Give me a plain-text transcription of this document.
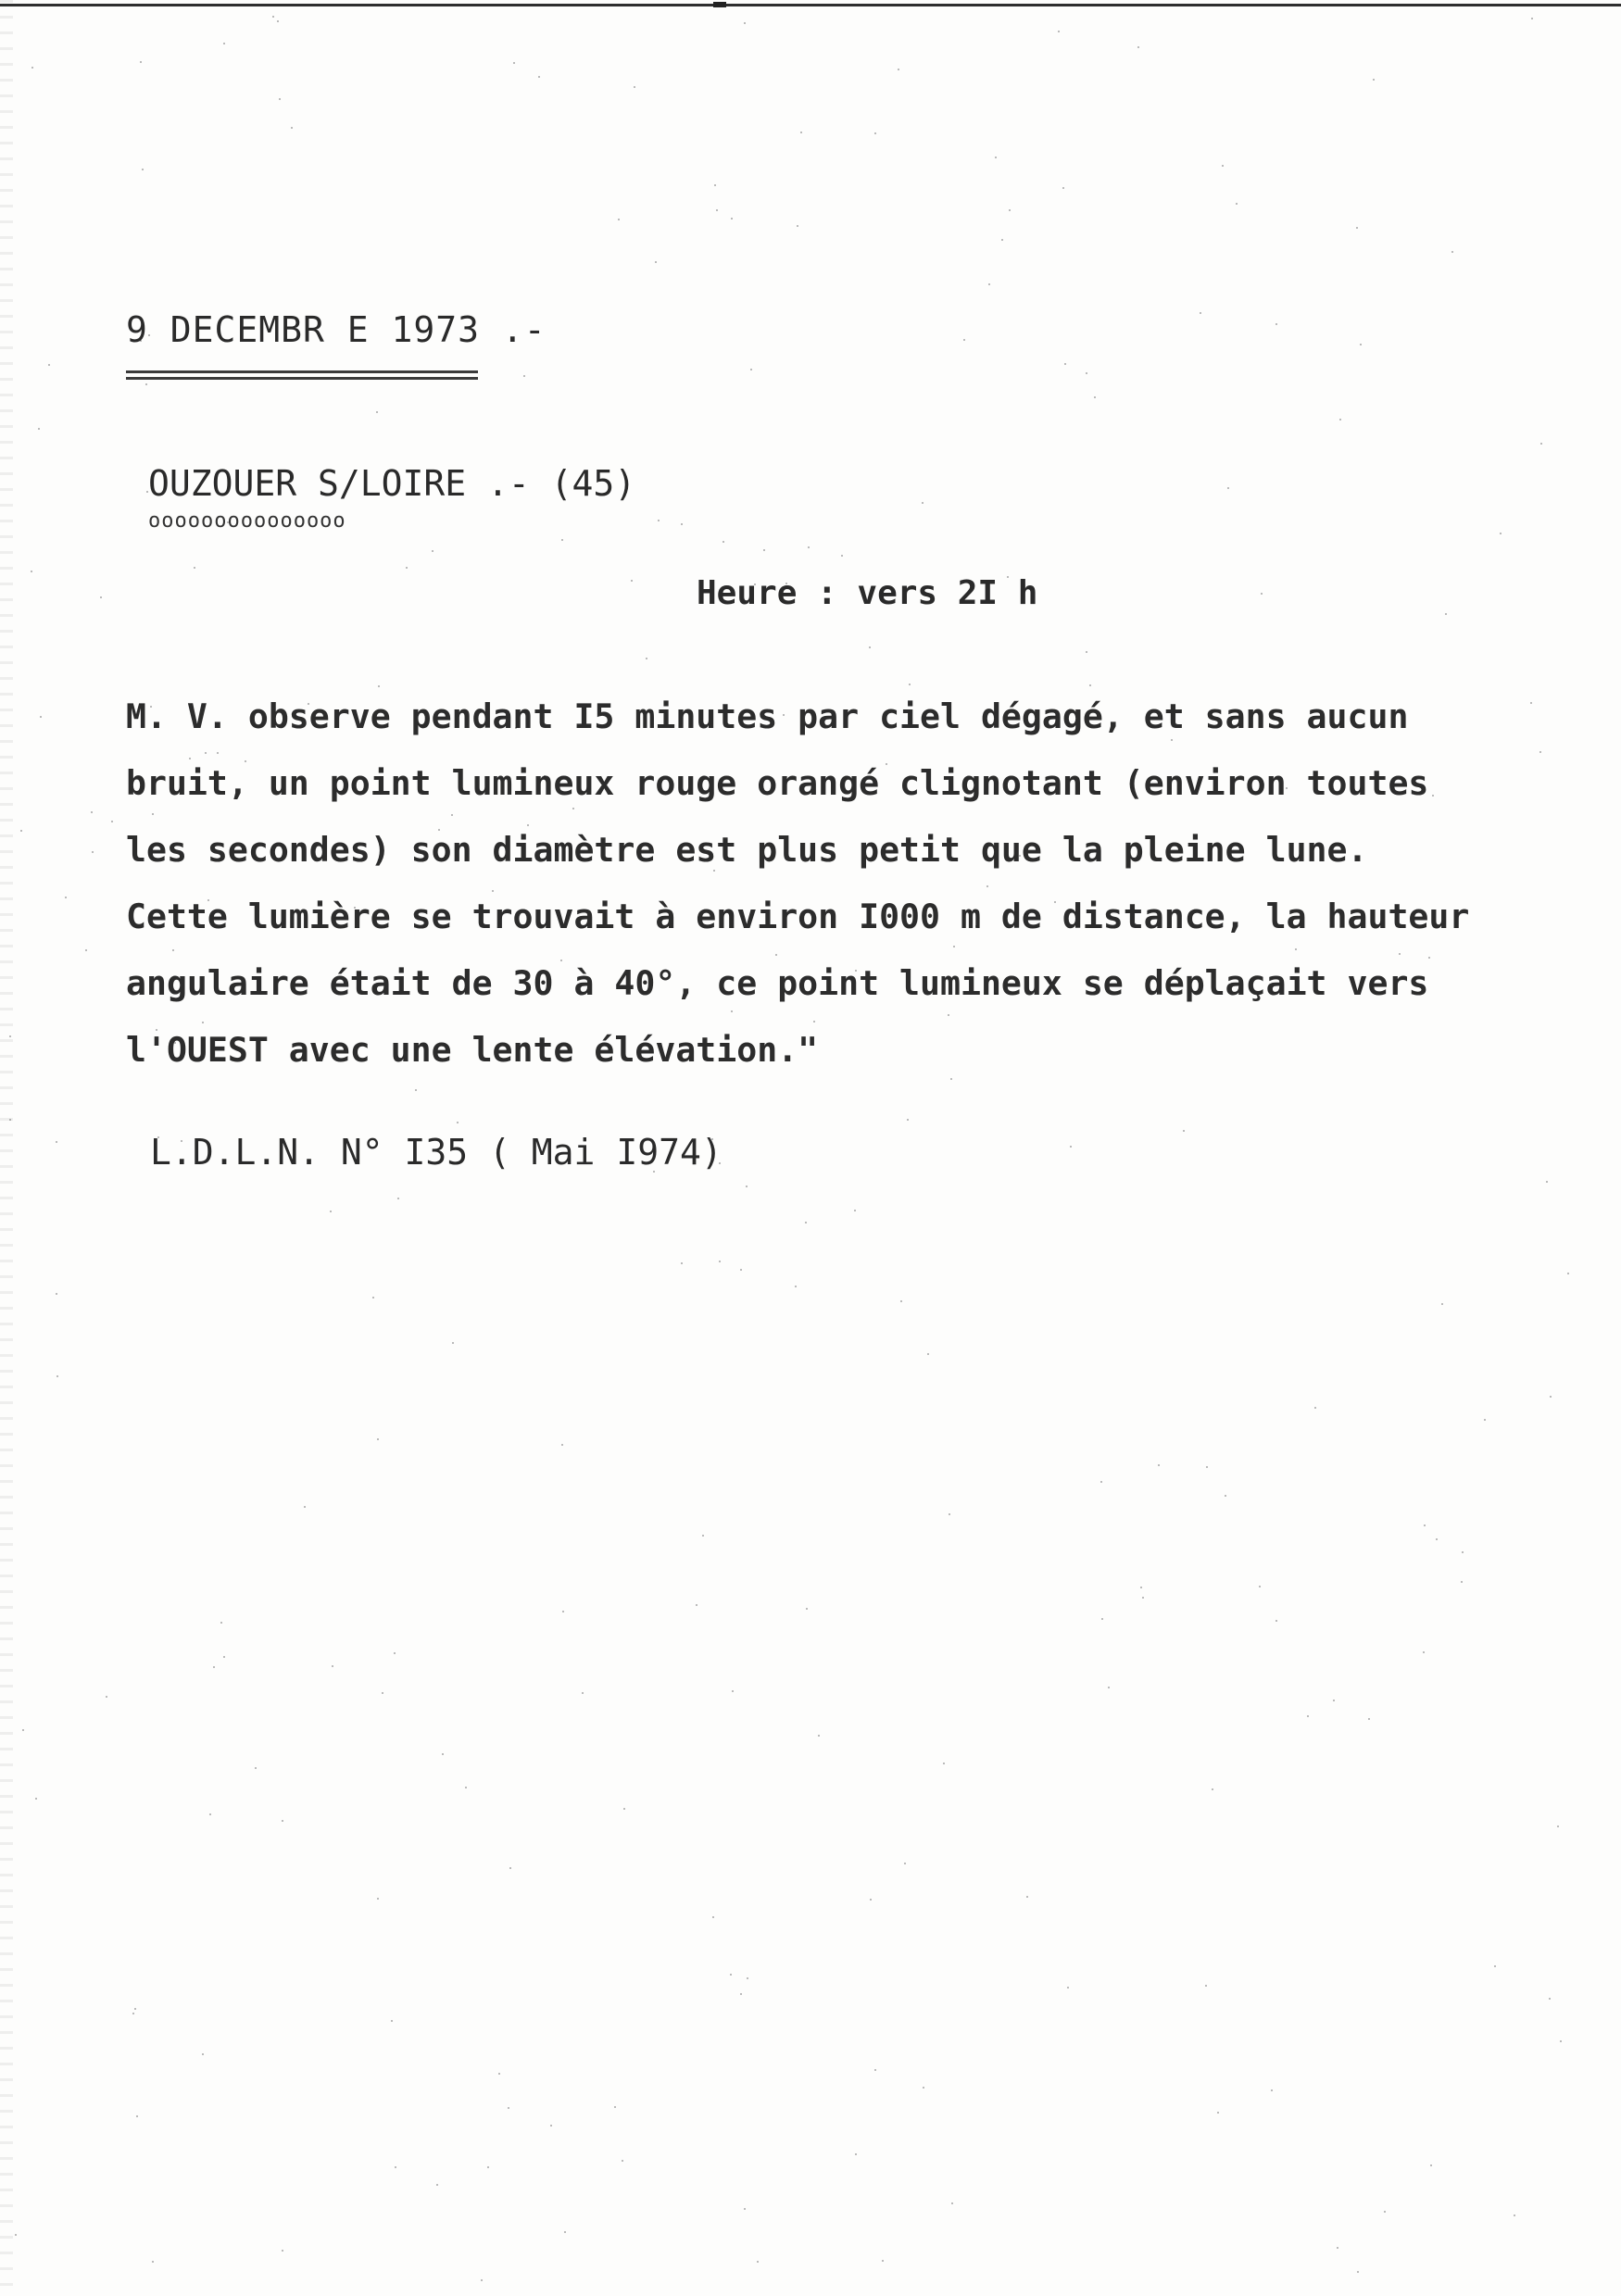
9 DECEMBR E 1973 .-
OUZOUER S/LOIRE .- (45)
ooooooooooooooo
Heure : vers 2I h
M. V. observe pendant I5 minutes par ciel dégagé, et sans aucun
bruit, un point lumineux rouge orangé clignotant (environ toutes
les secondes) son diamètre est plus petit que la pleine lune.
Cette lumière se trouvait à environ I000 m de distance, la hauteur
angulaire était de 30 à 40°, ce point lumineux se déplaçait vers
l'OUEST avec une lente élévation."
L.D.L.N. N° I35 ( Mai I974)
